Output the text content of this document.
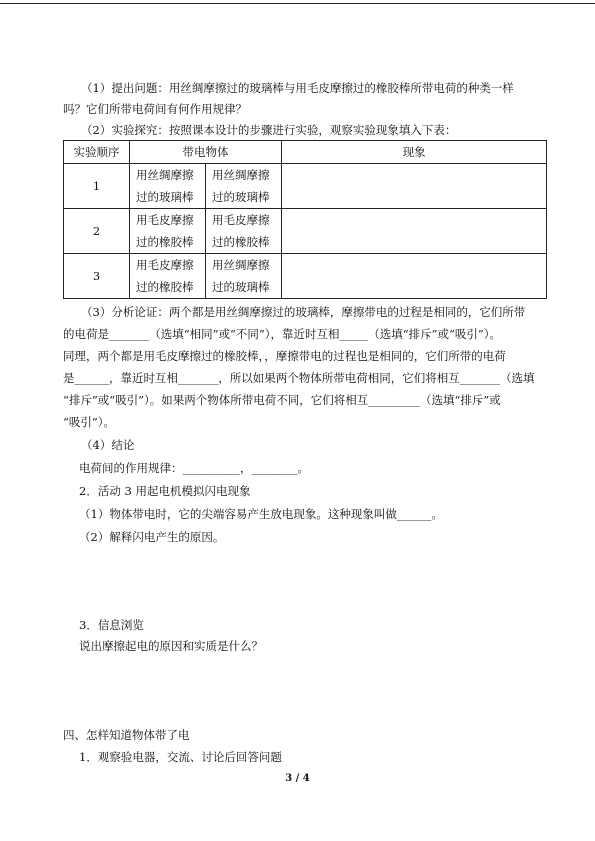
（1）提出问题：用丝绸摩擦过的玻璃棒与用毛皮摩擦过的橡胶棒所带电荷的种类一样
吗？它们所带电荷间有何作用规律？
（2）实验探究：按照课本设计的步骤进行实验，观察实验现象填入下表：
实验顺序	带电物体		现象
1	用丝绸摩擦
过的玻璃棒	用丝绸摩擦
过的玻璃棒	
2	用毛皮摩擦
过的橡胶棒	用毛皮摩擦
过的橡胶棒	
3	用毛皮摩擦
过的橡胶棒	用丝绸摩擦
过的玻璃棒	
（3）分析论证：两个都是用丝绸摩擦过的玻璃棒，摩擦带电的过程是相同的，它们所带
的电荷是_______（选填“相同”或“不同”），靠近时互相_____（选填“排斥”或“吸引”）。
同理，两个都是用毛皮摩擦过的橡胶棒，，摩擦带电的过程也是相同的，它们所带的电荷
是______，靠近时互相_______，所以如果两个物体所带电荷相同，它们将相互_______（选填
“排斥”或“吸引”）。如果两个物体所带电荷不同，它们将相互_________（选填“排斥”或
“吸引”）。
（4）结论
电荷间的作用规律：__________，________。
2．活动 3 用起电机模拟闪电现象
（1）物体带电时，它的尖端容易产生放电现象。这种现象叫做______。
（2）解释闪电产生的原因。
3．信息浏览
说出摩擦起电的原因和实质是什么？
四、怎样知道物体带了电
1．观察验电器，交流、讨论后回答问题
3 / 4
